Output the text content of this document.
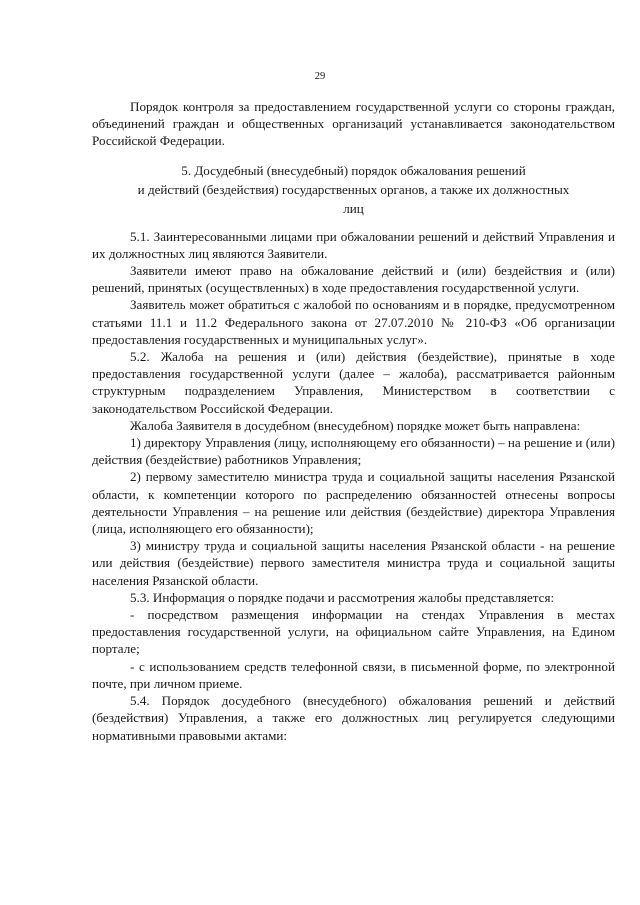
29

Порядок контроля за предоставлением государственной услуги со стороны граждан, объединений граждан и общественных организаций устанавливается законодательством Российской Федерации.

5. Досудебный (внесудебный) порядок обжалования решений
и действий (бездействия) государственных органов, а также их должностных
лиц

5.1. Заинтересованными лицами при обжаловании решений и действий Управления и их должностных лиц являются Заявители.

Заявители имеют право на обжалование действий и (или) бездействия и (или) решений, принятых (осуществленных) в ходе предоставления государственной услуги.

Заявитель может обратиться с жалобой по основаниям и в порядке, предусмотренном статьями 11.1 и 11.2 Федерального закона от 27.07.2010 № 210-ФЗ «Об организации предоставления государственных и муниципальных услуг».

5.2. Жалоба на решения и (или) действия (бездействие), принятые в ходе предоставления государственной услуги (далее – жалоба), рассматривается районным структурным подразделением Управления, Министерством в соответствии с законодательством Российской Федерации.

Жалоба Заявителя в досудебном (внесудебном) порядке может быть направлена:

1) директору Управления (лицу, исполняющему его обязанности) – на решение и (или) действия (бездействие) работников Управления;

2) первому заместителю министра труда и социальной защиты населения Рязанской области, к компетенции которого по распределению обязанностей отнесены вопросы деятельности Управления – на решение или действия (бездействие) директора Управления (лица, исполняющего его обязанности);

3) министру труда и социальной защиты населения Рязанской области - на решение или действия (бездействие) первого заместителя министра труда и социальной защиты населения Рязанской области.

5.3. Информация о порядке подачи и рассмотрения жалобы представляется:

- посредством размещения информации на стендах Управления в местах предоставления государственной услуги, на официальном сайте Управления, на Едином портале;

- с использованием средств телефонной связи, в письменной форме, по электронной почте, при личном приеме.

5.4. Порядок досудебного (внесудебного) обжалования решений и действий (бездействия) Управления, а также его должностных лиц регулируется следующими нормативными правовыми актами:
